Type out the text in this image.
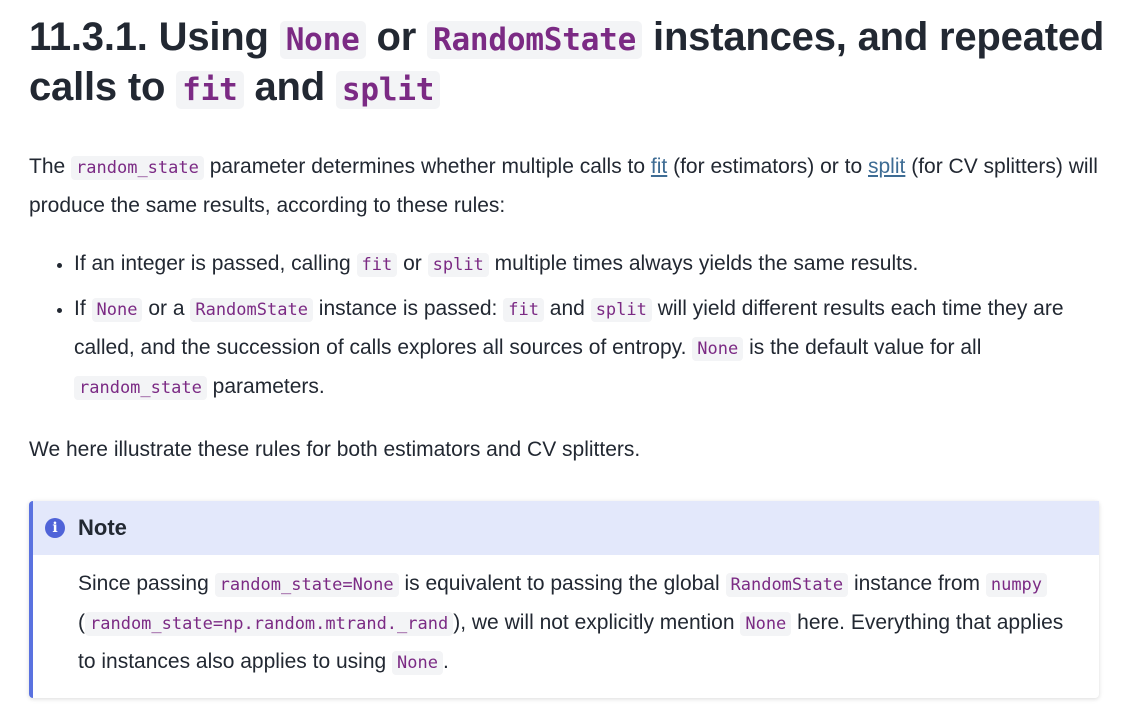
11.3.1. Using None or RandomState instances, and repeated calls to fit and split

The random_state parameter determines whether multiple calls to fit (for estimators) or to split (for CV splitters) will produce the same results, according to these rules:

• If an integer is passed, calling fit or split multiple times always yields the same results.
• If None or a RandomState instance is passed: fit and split will yield different results each time they are called, and the succession of calls explores all sources of entropy. None is the default value for all random_state parameters.

We here illustrate these rules for both estimators and CV splitters.

i Note

Since passing random_state=None is equivalent to passing the global RandomState instance from numpy ( random_state=np.random.mtrand._rand ), we will not explicitly mention None here. Everything that applies to instances also applies to using None .
